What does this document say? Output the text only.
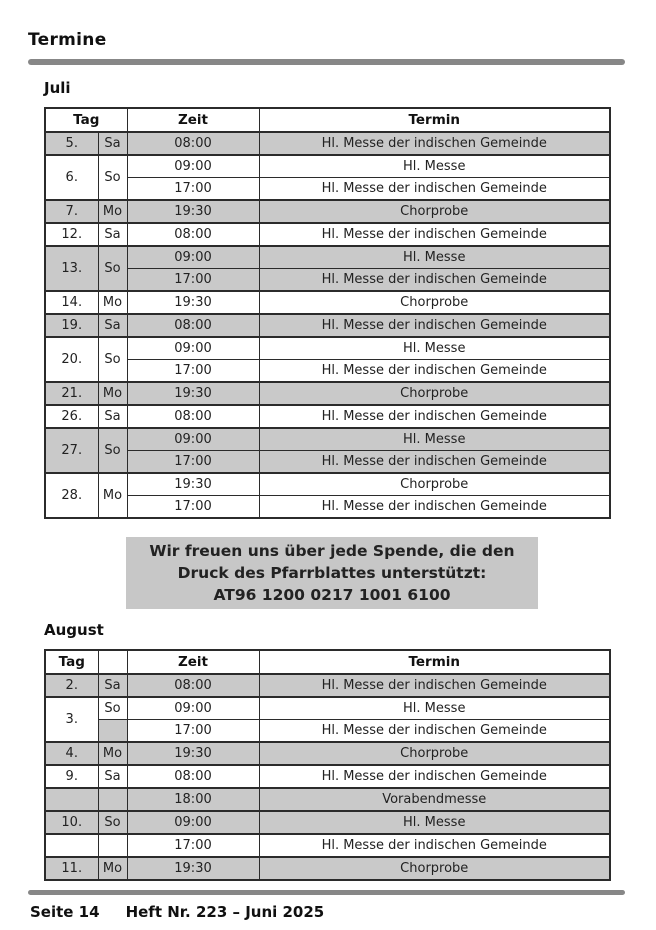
Termine
Juli
Tag		Zeit	Termin
5.	Sa	08:00	Hl. Messe der indischen Gemeinde
6.	So	09:00	Hl. Messe
		17:00	Hl. Messe der indischen Gemeinde
7.	Mo	19:30	Chorprobe
12.	Sa	08:00	Hl. Messe der indischen Gemeinde
13.	So	09:00	Hl. Messe
		17:00	Hl. Messe der indischen Gemeinde
14.	Mo	19:30	Chorprobe
19.	Sa	08:00	Hl. Messe der indischen Gemeinde
20.	So	09:00	Hl. Messe
		17:00	Hl. Messe der indischen Gemeinde
21.	Mo	19:30	Chorprobe
26.	Sa	08:00	Hl. Messe der indischen Gemeinde
27.	So	09:00	Hl. Messe
		17:00	Hl. Messe der indischen Gemeinde
28.	Mo	19:30	Chorprobe
		17:00	Hl. Messe der indischen Gemeinde
Wir freuen uns über jede Spende, die den
Druck des Pfarrblattes unterstützt:
AT96 1200 0217 1001 6100
August
Tag		Zeit	Termin
2.	Sa	08:00	Hl. Messe der indischen Gemeinde
3.	So	09:00	Hl. Messe
		17:00	Hl. Messe der indischen Gemeinde
4.	Mo	19:30	Chorprobe
9.	Sa	08:00	Hl. Messe der indischen Gemeinde
		18:00	Vorabendmesse
10.	So	09:00	Hl. Messe
		17:00	Hl. Messe der indischen Gemeinde
11.	Mo	19:30	Chorprobe
Seite 14 Heft Nr. 223 – Juni 2025
